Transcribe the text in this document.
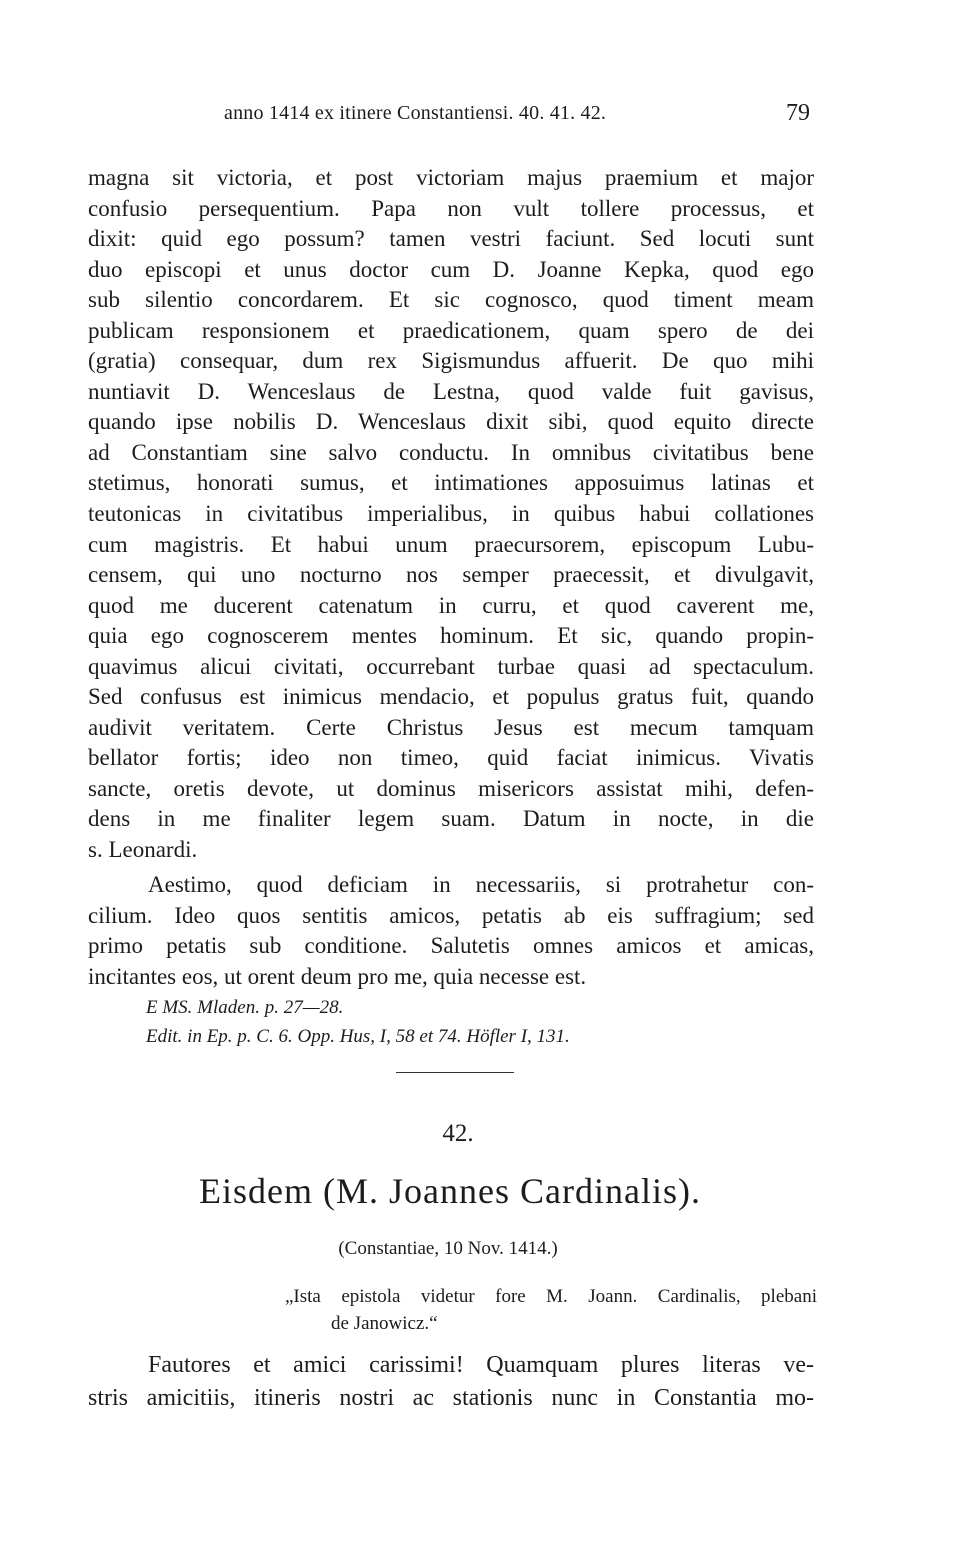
anno 1414 ex itinere Constantiensi. 40. 41. 42.	79
magna sit victoria, et post victoriam majus praemium et major
confusio persequentium. Papa non vult tollere processus, et
dixit: quid ego possum? tamen vestri faciunt. Sed locuti sunt
duo episcopi et unus doctor cum D. Joanne Kepka, quod ego
sub silentio concordarem. Et sic cognosco, quod timent meam
publicam responsionem et praedicationem, quam spero de dei
(gratia) consequar, dum rex Sigismundus affuerit. De quo mihi
nuntiavit D. Wenceslaus de Lestna, quod valde fuit gavisus,
quando ipse nobilis D. Wenceslaus dixit sibi, quod equito directe
ad Constantiam sine salvo conductu. In omnibus civitatibus bene
stetimus, honorati sumus, et intimationes apposuimus latinas et
teutonicas in civitatibus imperialibus, in quibus habui collationes
cum magistris. Et habui unum praecursorem, episcopum Lubu-
censem, qui uno nocturno nos semper praecessit, et divulgavit,
quod me ducerent catenatum in curru, et quod caverent me,
quia ego cognoscerem mentes hominum. Et sic, quando propin-
quavimus alicui civitati, occurrebant turbae quasi ad spectaculum.
Sed confusus est inimicus mendacio, et populus gratus fuit, quando
audivit veritatem. Certe Christus Jesus est mecum tamquam
bellator fortis; ideo non timeo, quid faciat inimicus. Vivatis
sancte, oretis devote, ut dominus misericors assistat mihi, defen-
dens in me finaliter legem suam. Datum in nocte, in die
s. Leonardi.
Aestimo, quod deficiam in necessariis, si protrahetur con-
cilium. Ideo quos sentitis amicos, petatis ab eis suffragium; sed
primo petatis sub conditione. Salutetis omnes amicos et amicas,
incitantes eos, ut orent deum pro me, quia necesse est.
E MS. Mladen. p. 27—28.
Edit. in Ep. p. C. 6. Opp. Hus, I, 58 et 74. Höfler I, 131.
42.
Eisdem (M. Joannes Cardinalis).
(Constantiae, 10 Nov. 1414.)
„Ista epistola videtur fore M. Joann. Cardinalis, plebani
de Janowicz.“
Fautores et amici carissimi! Quamquam plures literas ve-
stris amicitiis, itineris nostri ac stationis nunc in Constantia mo-
